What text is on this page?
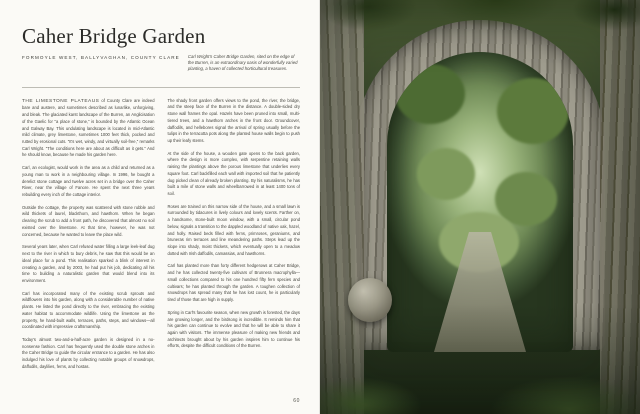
Caher Bridge Garden
FORMOYLE WEST, BALLYVAGHAN, COUNTY CLARE Carl Wright's Caher Bridge Garden, sited on the edge of the Burren, is an extraordinary oasis of wonderfully varied planting, a haven of collected horticultural treasures.

THE LIMESTONE PLATEAUS of County Clare are indeed bare and austere, and sometimes described as lunarlike, unforgiving, and bleak. The glaciated karst landscape of the Burren, an Anglicisation of the Gaelic for "a place of stone," is bounded by the Atlantic Ocean and Galway Bay. This undulating landscape is located in mid-Atlantic mild climate, grey limestone, sometimes 1000 feet thick, pocked and rutted by erosional cuts. "It's wet, windy, and virtually soil-free," remarks Carl Wright. "The conditions here are about as difficult as it gets." And he should know, because he made his garden here.

Carl, an ecologist, would work in the area as a child and returned as a young man to work in a neighbouring village. In 1996, he bought a derelict stone cottage and twelve acres set in a bridge over the Caher River, near the village of Fanore. He spent the next three years rebuilding every inch of the cottage interior.

Outside the cottage, the property was scattered with stone rubble and wild thickets of laurel, blackthorn, and hawthorn. When he began clearing the scrub to add a front path, he discovered that almost no soil existed over the limestone. At that time, however, he was not concerned, because he wanted to leave the place wild.

Several years later, when Carl refused water filling a large leek-leaf dug next to the river in which to bury debris, he saw that this would be an ideal place for a pond. This realisation sparked a blink of interest in creating a garden, and by 2003, he had put his job, dedicating all his time to building a naturalistic garden that would blend into its environment.

Carl has incorporated many of the existing scrub sprouts and wildflowers into his garden, along with a considerable number of native plants. He listed the pond directly to the river, embracing the existing water habitat to accommodate wildlife. Using the limestone as the property, he hand-built walls, terraces, paths, steps, and windows—all coordinated with impressive craftsmanship.

Today's almost two-and-a-half-acre garden is designed in a no-nonsense fashion. Carl has frequently used the double stone arches in the Caher Bridge to guide the circular entrance to a garden. He has also indulged his love of plants by collecting notable groups of snowdrops, daffodils, daylilies, ferns, and hostas.

The shady front garden offers views to the pond, the river, the bridge, and the steep face of the Burren in the distance. A double-sided dry stone wall frames the opal. Hazels have been pruned into small, multi-tiered trees, and a hawthorn arches in the front door. Groundcover, daffodils, and hellebores signal the arrival of spring usually before the tulips in the terracotta pots along the planted house walls begin to push up their leafy stems.

At the side of the house, a wooden gate opens to the back garden, where the design is more complex, with serpentine retaining walls raising the plantings above the porous limestone that underlies every square foot. Carl backfilled each wall with imported soil that he patiently dug picked clean of already broken planting. By his naturalisms, he has built a mile of stone walls and wheelbarrowed in at least 1400 tons of soil.

Roses are trained on this narrow side of the house, and a small lawn is surrounded by tidacures in lively colours and lovely scents. Farther on, a handsome, stone-built moon window, with a small, circular pond below, signals a transition to the dappled woodland of native oak, hazel, and holly. Raised beds filled with ferns, primroses, geraniums, and bruneras rim terraces and line meandering paths. Steps lead up the slope into shady, moist thickets, which eventually open to a meadow dotted with Irish daffodils, camassias, and hawthorns.

Carl has planted more than forty different hedgerows at Caher Bridge, and he has collected twenty-five cultivars of Brunnera macrophylla—small collections compared to his one hundred fifty fern species and cultivars; he has planted through the garden. A toughen collection of snowdrops has spread many that he has lost count, he is particularly tired of those that are high in supply.

Spring in Carl's favourite season, when new growth is forested, the days are growing longer, and the birdsong is incredible. It reminds him that his garden can continue to evolve and that he will be able to share it again with visitors. The immense pleasure of making new friends and architects brought about by his garden inspires him to continue his efforts, despite the difficult conditions of the Burren.

60
